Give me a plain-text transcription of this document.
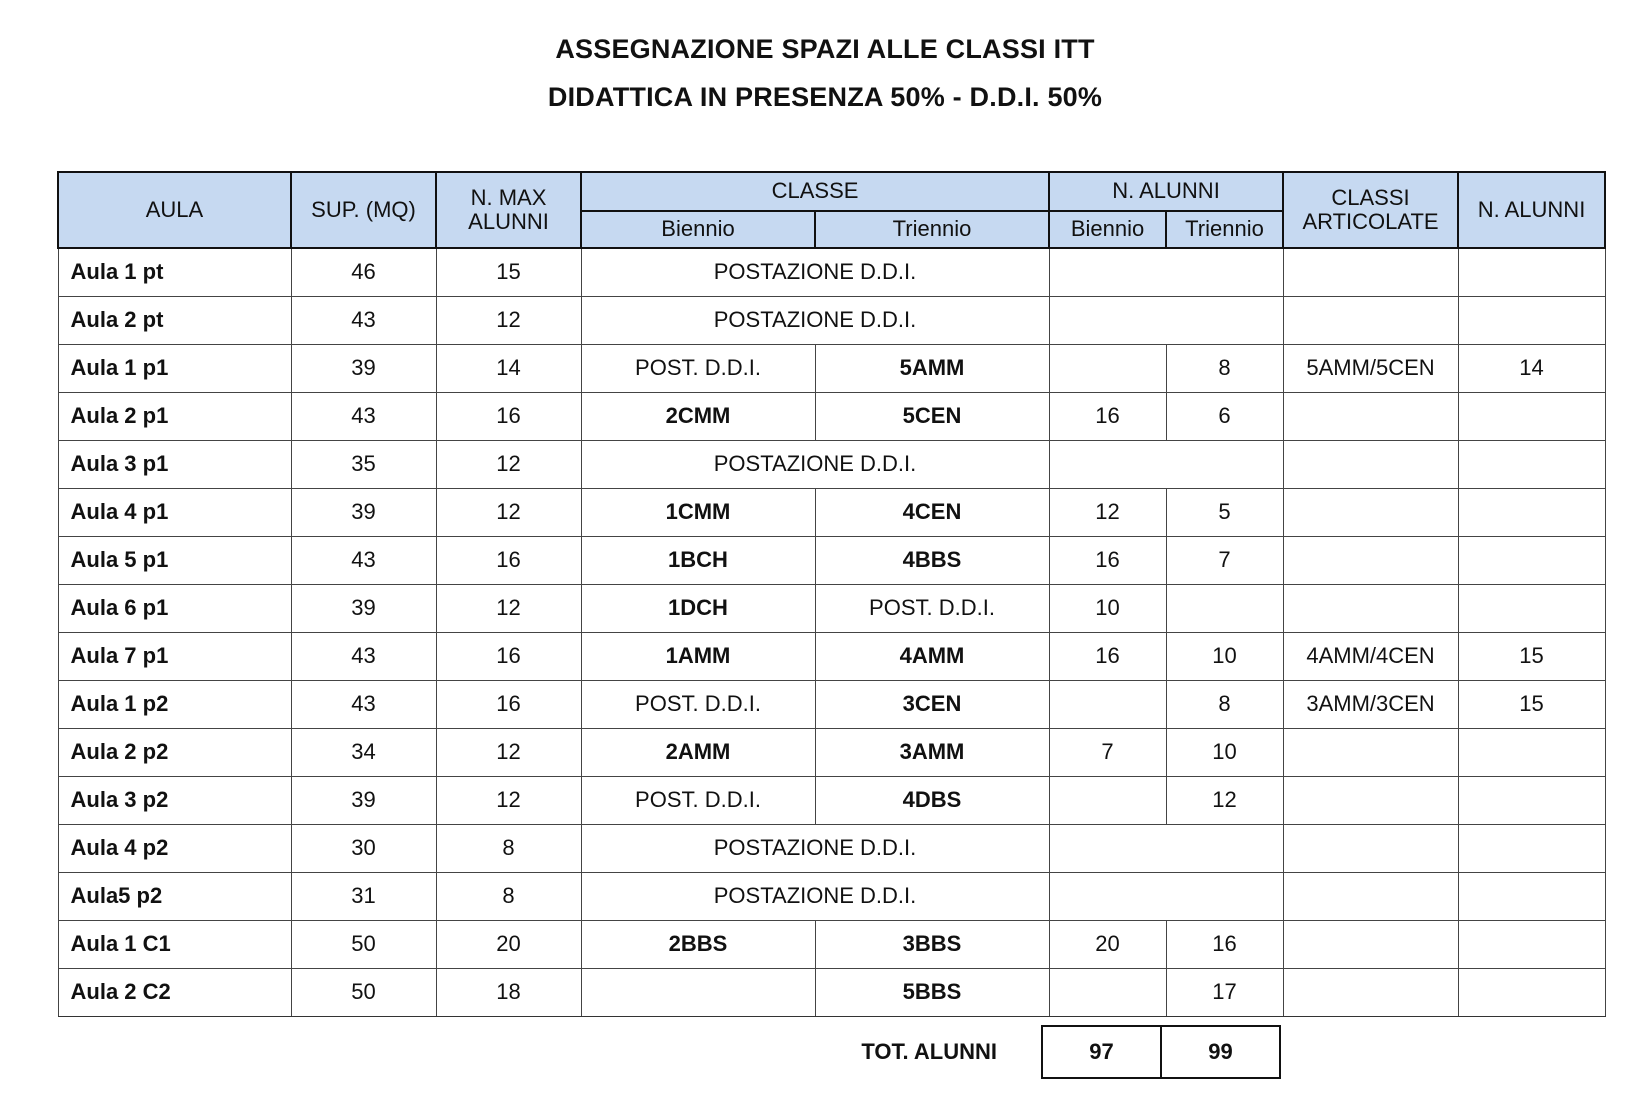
ASSEGNAZIONE SPAZI ALLE CLASSI ITT
DIDATTICA IN PRESENZA 50% - D.D.I. 50%
AULA	SUP. (MQ)	N. MAX
ALUNNI	CLASSE		N. ALUNNI		CLASSI
ARTICOLATE	N. ALUNNI
			Biennio	Triennio	Biennio	Triennio		
Aula 1 pt	46	15	POSTAZIONE D.D.I.					
Aula 2 pt	43	12	POSTAZIONE D.D.I.					
Aula 1 p1	39	14	POST. D.D.I.	5AMM		8	5AMM/5CEN	14
Aula 2 p1	43	16	2CMM	5CEN	16	6		
Aula 3 p1	35	12	POSTAZIONE D.D.I.					
Aula 4 p1	39	12	1CMM	4CEN	12	5		
Aula 5 p1	43	16	1BCH	4BBS	16	7		
Aula 6 p1	39	12	1DCH	POST. D.D.I.	10			
Aula 7 p1	43	16	1AMM	4AMM	16	10	4AMM/4CEN	15
Aula 1 p2	43	16	POST. D.D.I.	3CEN		8	3AMM/3CEN	15
Aula 2 p2	34	12	2AMM	3AMM	7	10		
Aula 3 p2	39	12	POST. D.D.I.	4DBS		12		
Aula 4 p2	30	8	POSTAZIONE D.D.I.					
Aula5 p2	31	8	POSTAZIONE D.D.I.					
Aula 1 C1	50	20	2BBS	3BBS	20	16		
Aula 2 C2	50	18		5BBS		17		
TOT. ALUNNI	97	99
